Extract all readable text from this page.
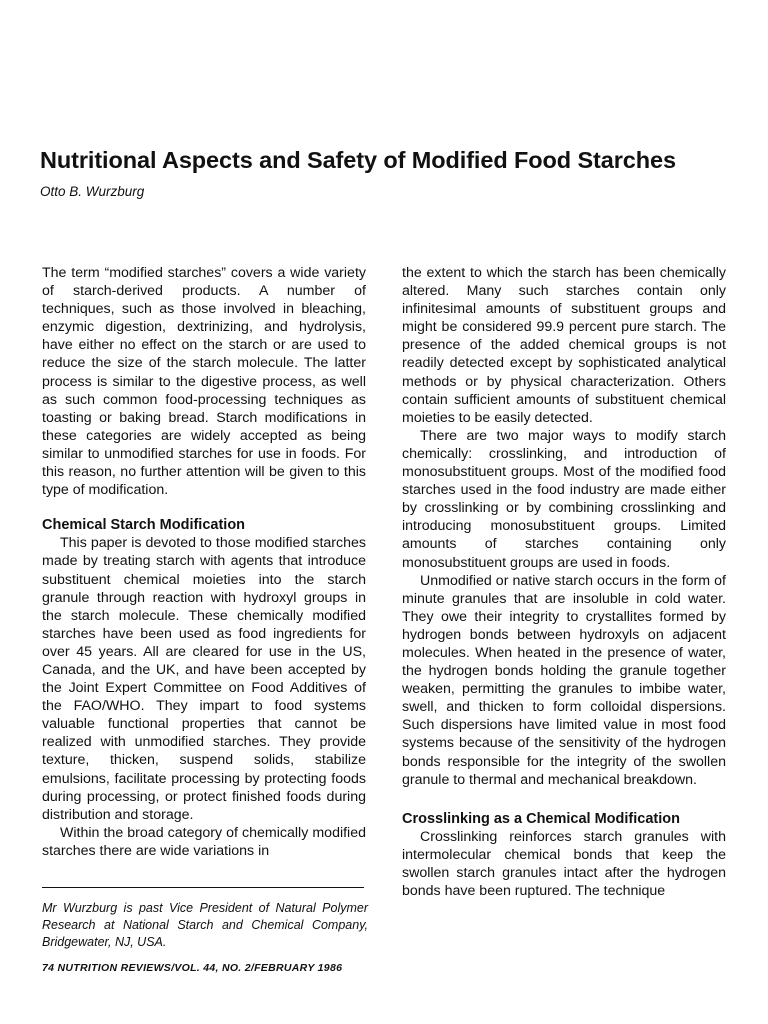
Nutritional Aspects and Safety of Modified Food Starches
Otto B. Wurzburg

The term “modified starches” covers a wide variety of starch-derived products. A number of techniques, such as those involved in bleaching, enzymic digestion, dextrinizing, and hydrolysis, have either no effect on the starch or are used to reduce the size of the starch molecule. The latter process is similar to the digestive process, as well as such common food-processing techniques as toasting or baking bread. Starch modifications in these categories are widely accepted as being similar to unmodified starches for use in foods. For this reason, no further attention will be given to this type of modification.

Chemical Starch Modification

This paper is devoted to those modified starches made by treating starch with agents that introduce substituent chemical moieties into the starch granule through reaction with hydroxyl groups in the starch molecule. These chemically modified starches have been used as food ingredients for over 45 years. All are cleared for use in the US, Canada, and the UK, and have been accepted by the Joint Expert Committee on Food Additives of the FAO/WHO. They impart to food systems valuable functional properties that cannot be realized with unmodified starches. They provide texture, thicken, suspend solids, stabilize emulsions, facilitate processing by protecting foods during processing, or protect finished foods during distribution and storage.

Within the broad category of chemically modified starches there are wide variations in

the extent to which the starch has been chemically altered. Many such starches contain only infinitesimal amounts of substituent groups and might be considered 99.9 percent pure starch. The presence of the added chemical groups is not readily detected except by sophisticated analytical methods or by physical characterization. Others contain sufficient amounts of substituent chemical moieties to be easily detected.

There are two major ways to modify starch chemically: crosslinking, and introduction of monosubstituent groups. Most of the modified food starches used in the food industry are made either by crosslinking or by combining crosslinking and introducing monosubstituent groups. Limited amounts of starches containing only monosubstituent groups are used in foods.

Unmodified or native starch occurs in the form of minute granules that are insoluble in cold water. They owe their integrity to crystallites formed by hydrogen bonds between hydroxyls on adjacent molecules. When heated in the presence of water, the hydrogen bonds holding the granule together weaken, permitting the granules to imbibe water, swell, and thicken to form colloidal dispersions. Such dispersions have limited value in most food systems because of the sensitivity of the hydrogen bonds responsible for the integrity of the swollen granule to thermal and mechanical breakdown.

Crosslinking as a Chemical Modification

Crosslinking reinforces starch granules with intermolecular chemical bonds that keep the swollen starch granules intact after the hydrogen bonds have been ruptured. The technique

Mr Wurzburg is past Vice President of Natural Polymer Research at National Starch and Chemical Company, Bridgewater, NJ, USA.

74 NUTRITION REVIEWS/VOL. 44, NO. 2/FEBRUARY 1986
